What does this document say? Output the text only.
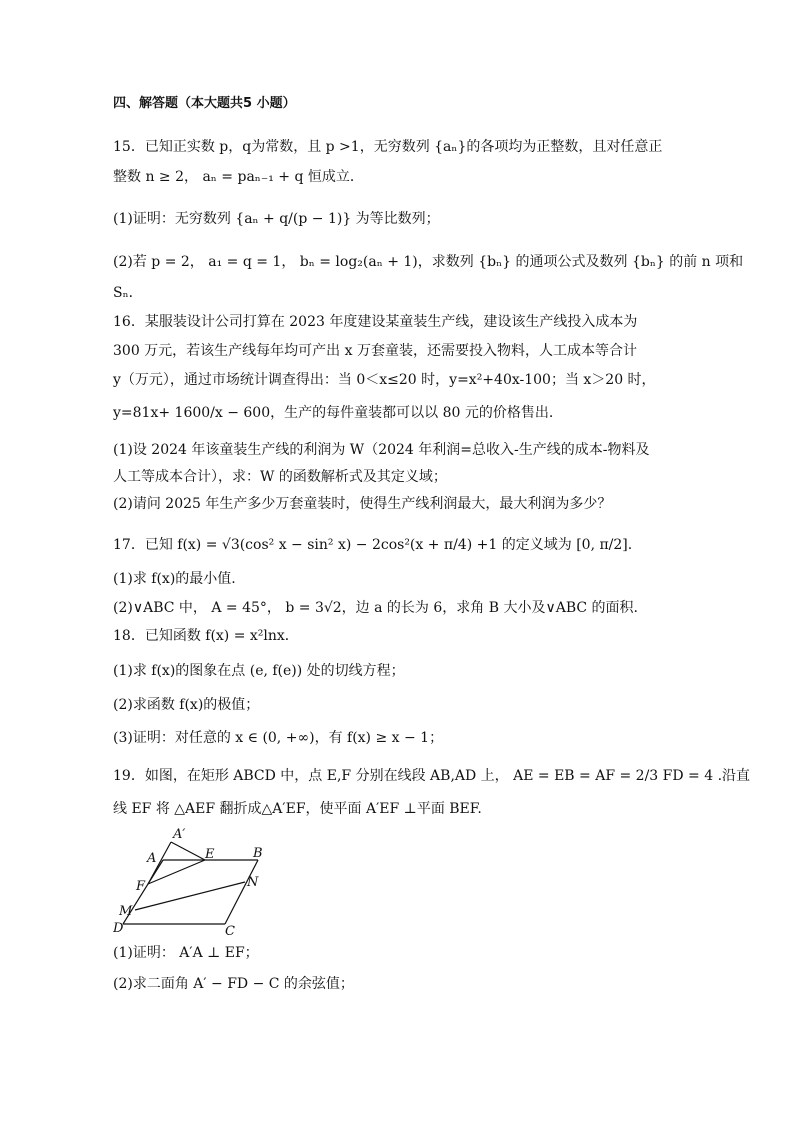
四、解答题（本大题共5 小题）
15．已知正实数 p，q为常数，且 p >1，无穷数列 {aₙ}的各项均为正整数，且对任意正
整数 n ≥ 2， aₙ = paₙ₋₁ + q 恒成立．
(1)证明：无穷数列 {aₙ + q/(p − 1)} 为等比数列；
(2)若 p = 2， a₁ = q = 1， bₙ = log₂(aₙ + 1)，求数列 {bₙ} 的通项公式及数列 {bₙ} 的前 n 项和
Sₙ．
16．某服装设计公司打算在 2023 年度建设某童装生产线，建设该生产线投入成本为
300 万元，若该生产线每年均可产出 x 万套童装，还需要投入物料，人工成本等合计
y（万元），通过市场统计调查得出：当 0＜x≤20 时，y=x²+40x-100；当 x＞20 时，
y=81x+ 1600/x − 600，生产的每件童装都可以以 80 元的价格售出.
(1)设 2024 年该童装生产线的利润为 W（2024 年利润=总收入-生产线的成本-物料及
人工等成本合计），求：W 的函数解析式及其定义域；
(2)请问 2025 年生产多少万套童装时，使得生产线利润最大，最大利润为多少？
17．已知 f(x) = √3(cos² x − sin² x) − 2cos²(x + π/4) +1 的定义域为 [0, π/2].
(1)求 f(x)的最小值.
(2)∨ABC 中， A = 45°， b = 3√2，边 a 的长为 6，求角 B 大小及∨ABC 的面积.
18．已知函数 f(x) = x²lnx．
(1)求 f(x)的图象在点 (e, f(e)) 处的切线方程；
(2)求函数 f(x)的极值；
(3)证明：对任意的 x ∈ (0, +∞)，有 f(x) ≥ x − 1；
19．如图，在矩形 ABCD 中，点 E,F 分别在线段 AB,AD 上， AE = EB = AF = 2/3 FD = 4 .沿直
线 EF 将 △AEF 翻折成△A′EF，使平面 A′EF ⊥平面 BEF.
A′
A	E	B
F	N
M
D	C
(1)证明： A′A ⊥ EF；
(2)求二面角 A′ − FD − C 的余弦值；
